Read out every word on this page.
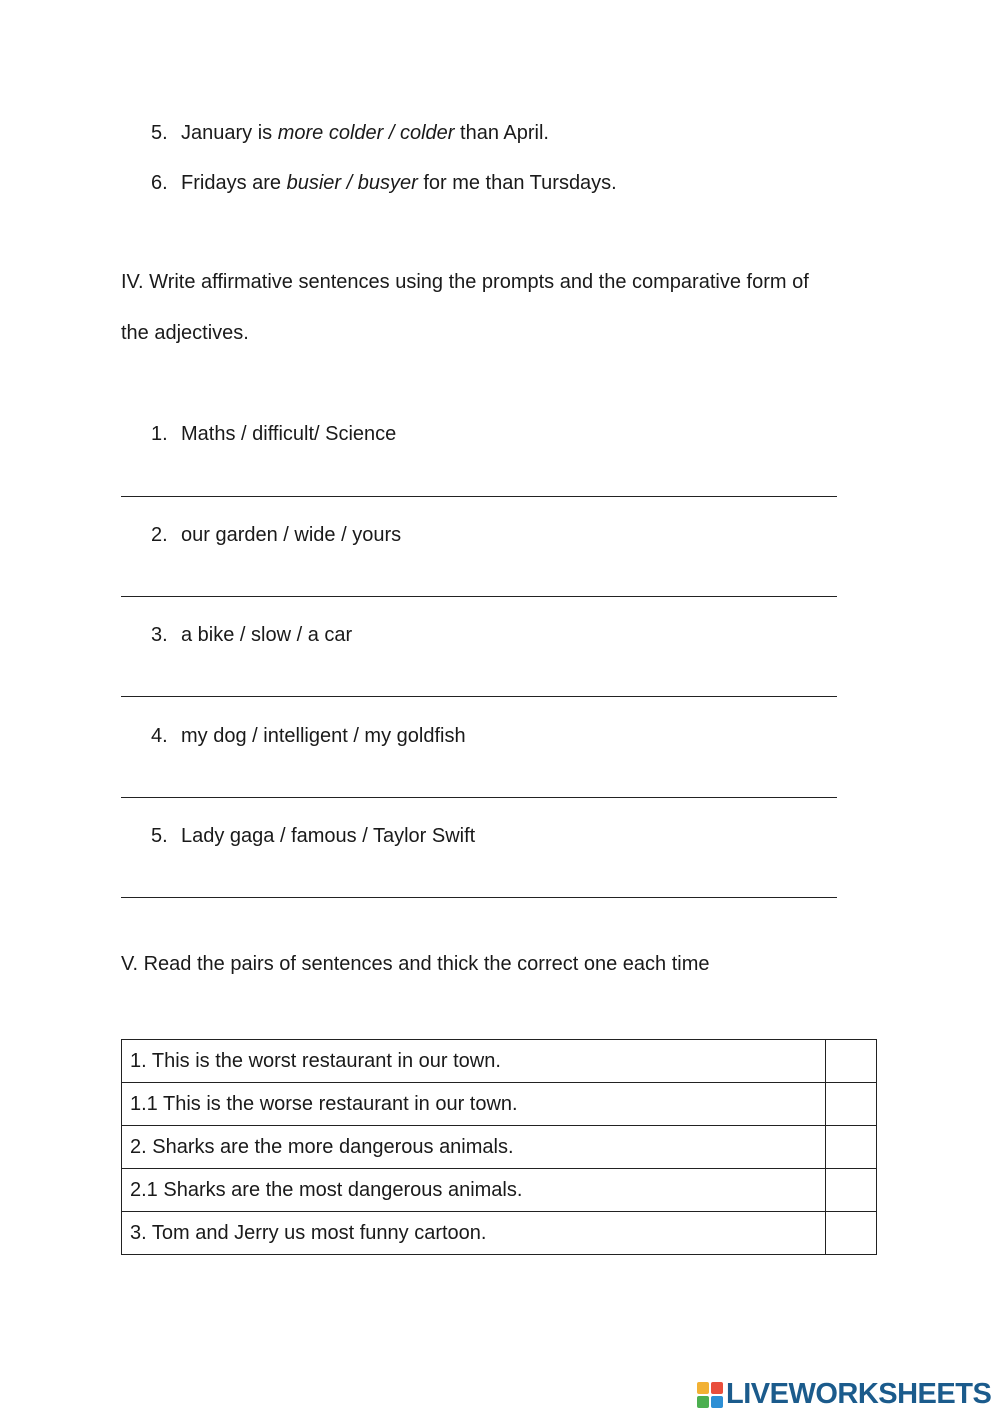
5. January is more colder / colder than April.
6. Fridays are busier / busyer for me than Tursdays.
IV. Write affirmative sentences using the prompts and the comparative form of
the adjectives.
1. Maths / difficult/ Science
2. our garden / wide / yours
3. a bike / slow / a car
4. my dog / intelligent / my goldfish
5. Lady gaga / famous / Taylor Swift
V. Read the pairs of sentences and thick the correct one each time
1. This is the worst restaurant in our town.	
1.1 This is the worse restaurant in our town.	
2. Sharks are the more dangerous animals.	
2.1 Sharks are the most dangerous animals.	
3. Tom and Jerry us most funny cartoon.	
LIVEWORKSHEETS
